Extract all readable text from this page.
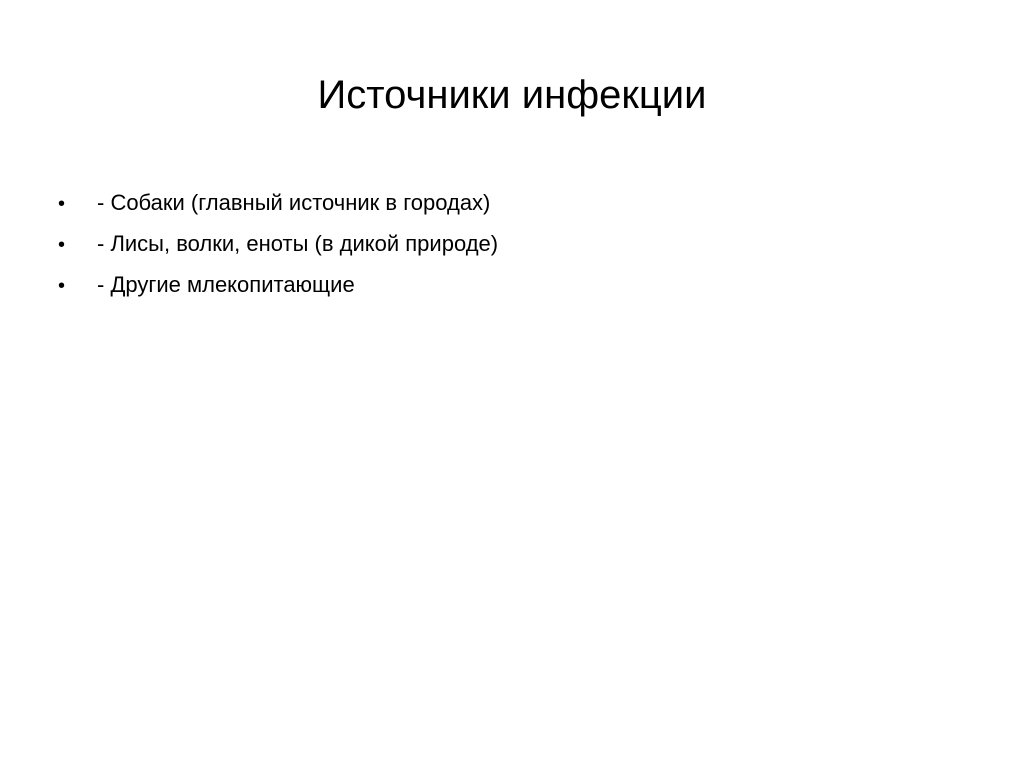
Источники инфекции
•	- Собаки (главный источник в городах)
•	- Лисы, волки, еноты (в дикой природе)
•	- Другие млекопитающие
